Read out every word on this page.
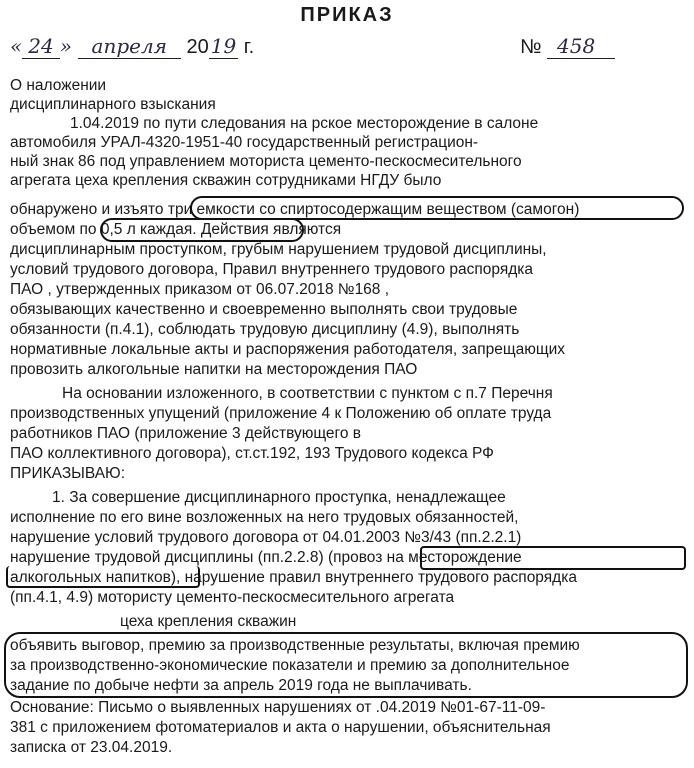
ПРИКАЗ
« 24 » апреля 20 19 г.	№ 458
О наложении
дисциплинарного взыскания
1.04.2019 по пути следования на рское месторождение в салоне
автомобиля УРАЛ-4320-1951-40 государственный регистрацион-
ный знак 86 под управлением моториста цементо-пескосмесительного
агрегата цеха крепления скважин сотрудниками НГДУ было
обнаружено и изъято три емкости со спиртосодержащим веществом (самогон)
объемом по 0,5 л каждая. Действия являются
дисциплинарным проступком, грубым нарушением трудовой дисциплины,
условий трудового договора, Правил внутреннего трудового распорядка
ПАО , утвержденных приказом от 06.07.2018 №168 ,
обязывающих качественно и своевременно выполнять свои трудовые
обязанности (п.4.1), соблюдать трудовую дисциплину (4.9), выполнять
нормативные локальные акты и распоряжения работодателя, запрещающих
провозить алкогольные напитки на месторождения ПАО
На основании изложенного, в соответствии с пунктом с п.7 Перечня
производственных упущений (приложение 4 к Положению об оплате труда
работников ПАО (приложение 3 действующего в
ПАО коллективного договора), ст.ст.192, 193 Трудового кодекса РФ
ПРИКАЗЫВАЮ:
1. За совершение дисциплинарного проступка, ненадлежащее
исполнение по его вине возложенных на него трудовых обязанностей,
нарушение условий трудового договора от 04.01.2003 №3/43 (пп.2.2.1)
нарушение трудовой дисциплины (пп.2.2.8) (провоз на месторождение
алкогольных напитков), нарушение правил внутреннего трудового распорядка
(пп.4.1, 4.9) мотористу цементо-пескосмесительного агрегата
цеха крепления скважин
объявить выговор, премию за производственные результаты, включая премию
за производственно-экономические показатели и премию за дополнительное
задание по добыче нефти за апрель 2019 года не выплачивать.
Основание: Письмо о выявленных нарушениях от .04.2019 №01-67-11-09-
381 с приложением фотоматериалов и акта о нарушении, объяснительная
записка от 23.04.2019.
